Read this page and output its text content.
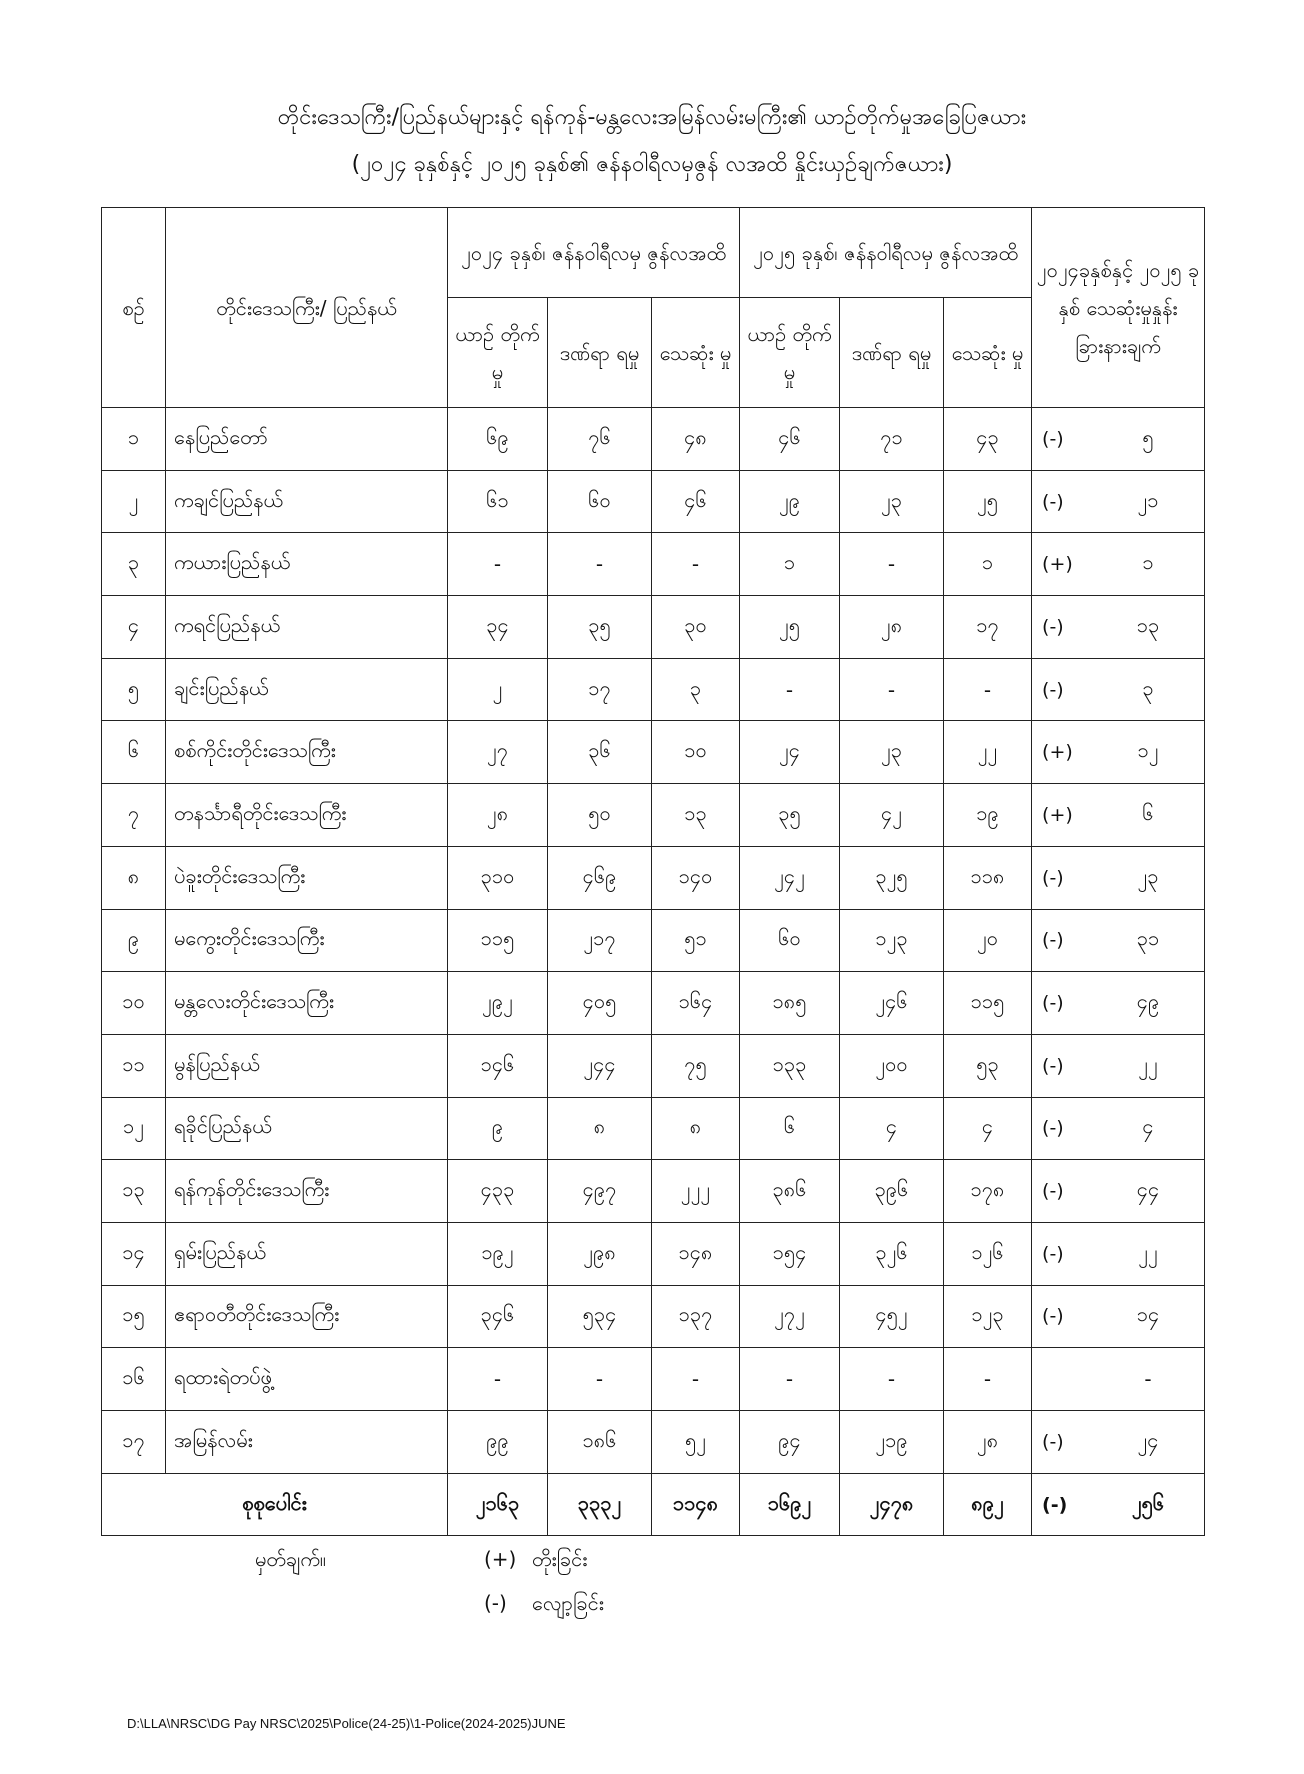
တိုင်းဒေသကြီး/ပြည်နယ်များနှင့် ရန်ကုန်-မန္တလေးအမြန်လမ်းမကြီး၏ ယာဉ်တိုက်မှုအခြေပြဇယား
(၂၀၂၄ ခုနှစ်နှင့် ၂၀၂၅ ခုနှစ်၏ ဇန်နဝါရီလမှဇွန် လအထိ နှိုင်းယှဉ်ချက်ဇယား)
စဉ်	တိုင်းဒေသကြီး/ ပြည်နယ်	၂၀၂၄ ခုနှစ်၊ ဇန်နဝါရီလမှ ဇွန်လအထိ			၂၀၂၅ ခုနှစ်၊ ဇန်နဝါရီလမှ ဇွန်လအထိ			၂၀၂၄ခုနှစ်နှင့် ၂၀၂၅ ခုနှစ် သေဆုံးမှုနှုန်း ခြားနားချက်
		ယာဉ် တိုက်မှု	ဒဏ်ရာ ရမှု	သေဆုံး မှု	ယာဉ် တိုက်မှု	ဒဏ်ရာ ရမှု	သေဆုံး မှု	
၁	နေပြည်တော်	၆၉	၇၆	၄၈	၄၆	၇၁	၄၃	(-) ၅
၂	ကချင်ပြည်နယ်	၆၁	၆၀	၄၆	၂၉	၂၃	၂၅	(-) ၂၁
၃	ကယားပြည်နယ်	-	-	-	၁	-	၁	(+) ၁
၄	ကရင်ပြည်နယ်	၃၄	၃၅	၃၀	၂၅	၂၈	၁၇	(-) ၁၃
၅	ချင်းပြည်နယ်	၂	၁၇	၃	-	-	-	(-) ၃
၆	စစ်ကိုင်းတိုင်းဒေသကြီး	၂၇	၃၆	၁၀	၂၄	၂၃	၂၂	(+) ၁၂
၇	တနင်္သာရီတိုင်းဒေသကြီး	၂၈	၅၀	၁၃	၃၅	၄၂	၁၉	(+) ၆
၈	ပဲခူးတိုင်းဒေသကြီး	၃၁၀	၄၆၉	၁၄၀	၂၄၂	၃၂၅	၁၁၈	(-) ၂၃
၉	မကွေးတိုင်းဒေသကြီး	၁၁၅	၂၁၇	၅၁	၆၀	၁၂၃	၂၀	(-) ၃၁
၁၀	မန္တလေးတိုင်းဒေသကြီး	၂၉၂	၄၀၅	၁၆၄	၁၈၅	၂၄၆	၁၁၅	(-) ၄၉
၁၁	မွန်ပြည်နယ်	၁၄၆	၂၄၄	၇၅	၁၃၃	၂၀၀	၅၃	(-) ၂၂
၁၂	ရခိုင်ပြည်နယ်	၉	၈	၈	၆	၄	၄	(-) ၄
၁၃	ရန်ကုန်တိုင်းဒေသကြီး	၄၃၃	၄၉၇	၂၂၂	၃၈၆	၃၉၆	၁၇၈	(-) ၄၄
၁၄	ရှမ်းပြည်နယ်	၁၉၂	၂၉၈	၁၄၈	၁၅၄	၃၂၆	၁၂၆	(-) ၂၂
၁၅	ဧရာဝတီတိုင်းဒေသကြီး	၃၄၆	၅၃၄	၁၃၇	၂၇၂	၄၅၂	၁၂၃	(-) ၁၄
၁၆	ရထားရဲတပ်ဖွဲ့	-	-	-	-	-	-	-
၁၇	အမြန်လမ်း	၉၉	၁၈၆	၅၂	၉၄	၂၁၉	၂၈	(-) ၂၄
စုစုပေါင်း		၂၁၆၃	၃၃၃၂	၁၁၄၈	၁၆၉၂	၂၄၇၈	၈၉၂	(-) ၂၅၆
မှတ်ချက်။	(+) တိုးခြင်း
(-) လျော့ခြင်း
D:\LLA\NRSC\DG Pay NRSC\2025\Police(24-25)\1-Police(2024-2025)JUNE
